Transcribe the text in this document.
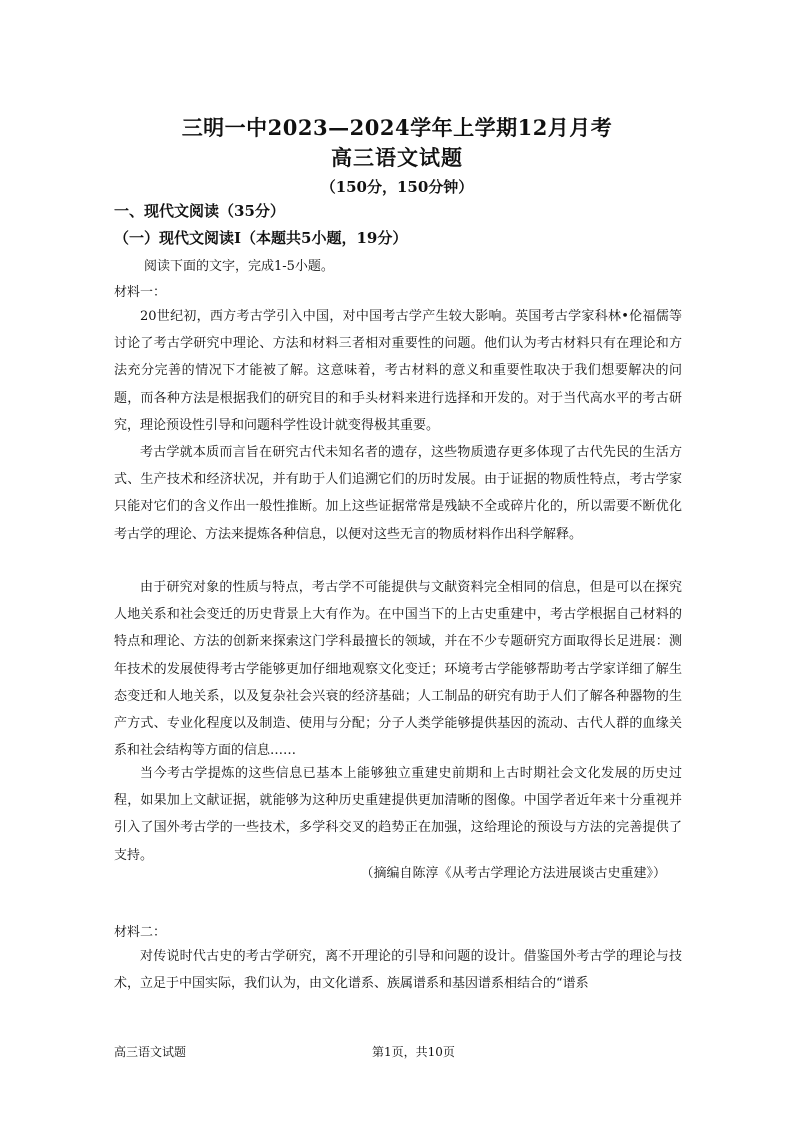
三明一中2023—2024学年上学期12月月考
高三语文试题
（150分，150分钟）
一、现代文阅读（35分）
（一）现代文阅读Ⅰ（本题共5小题，19分）
阅读下面的文字，完成1-5小题。
材料一：

20世纪初，西方考古学引入中国，对中国考古学产生较大影响。英国考古学家科林•伦福儒等讨论了考古学研究中理论、方法和材料三者相对重要性的问题。他们认为考古材料只有在理论和方法充分完善的情况下才能被了解。这意味着，考古材料的意义和重要性取决于我们想要解决的问题，而各种方法是根据我们的研究目的和手头材料来进行选择和开发的。对于当代高水平的考古研究，理论预设性引导和问题科学性设计就变得极其重要。

考古学就本质而言旨在研究古代未知名者的遗存，这些物质遗存更多体现了古代先民的生活方式、生产技术和经济状况，并有助于人们追溯它们的历时发展。由于证据的物质性特点，考古学家只能对它们的含义作出一般性推断。加上这些证据常常是残缺不全或碎片化的，所以需要不断优化考古学的理论、方法来提炼各种信息，以便对这些无言的物质材料作出科学解释。

由于研究对象的性质与特点，考古学不可能提供与文献资料完全相同的信息，但是可以在探究人地关系和社会变迁的历史背景上大有作为。在中国当下的上古史重建中，考古学根据自己材料的特点和理论、方法的创新来探索这门学科最擅长的领域，并在不少专题研究方面取得长足进展：测年技术的发展使得考古学能够更加仔细地观察文化变迁；环境考古学能够帮助考古学家详细了解生态变迁和人地关系，以及复杂社会兴衰的经济基础；人工制品的研究有助于人们了解各种器物的生产方式、专业化程度以及制造、使用与分配；分子人类学能够提供基因的流动、古代人群的血缘关系和社会结构等方面的信息……

当今考古学提炼的这些信息已基本上能够独立重建史前期和上古时期社会文化发展的历史过程，如果加上文献证据，就能够为这种历史重建提供更加清晰的图像。中国学者近年来十分重视并引入了国外考古学的一些技术，多学科交叉的趋势正在加强，这给理论的预设与方法的完善提供了支持。

（摘编自陈淳《从考古学理论方法进展谈古史重建》）
材料二：

对传说时代古史的考古学研究，离不开理论的引导和问题的设计。借鉴国外考古学的理论与技术，立足于中国实际，我们认为，由文化谱系、族属谱系和基因谱系相结合的“谱系

高三语文试题	第1页，共10页
